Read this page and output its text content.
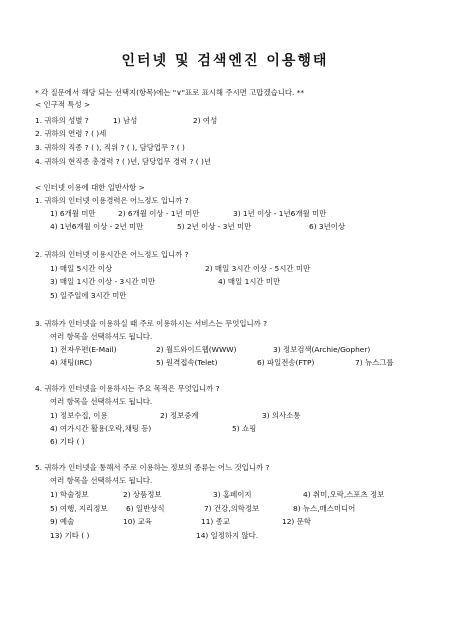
인터넷 및 검색엔진 이용행태
* 각 질문에서 해당 되는 선택지(항목)에는 "∨"표로 표시해 주시면 고맙겠습니다. **
< 인구적 특성 >
1. 귀하의 성별 ?	1) 남성	2) 여성
2. 귀하의 연령 ? ( )세
3. 귀하의 직종 ? ( ), 직위 ? ( ), 담당업무 ? ( )
4. 귀하의 현직종 총경력 ? ( )년, 담당업무 경력 ? ( )년
< 인터넷 이용에 대한 일반사항 >
1. 귀하의 인터넷 이용경력은 어느정도 입니까 ?
1) 6개월 미만	2) 6개월 이상 - 1년 미만	3) 1년 이상 - 1년6개월 미만
4) 1년6개월 이상 - 2년 미만	5) 2년 이상 - 3년 미만	6) 3년이상
2. 귀하의 인터넷 이용시간은 어느정도 입니까 ?
1) 매일 5시간 이상	2) 매일 3시간 이상 - 5시간 미만
3) 매일 1시간 이상 - 3시간 미만	4) 매일 1시간 미만
5) 일주일에 3시간 미만
3. 귀하가 인터넷을 이용하실 때 주로 이용하시는 서비스는 무엇입니까 ?
여러 항목을 선택하셔도 됩니다.
1) 전자우편(E-Mail)	2) 월드와이드웹(WWW)	3) 정보검색(Archie/Gopher)
4) 채팅(IRC)	5) 원격접속(Telet)	6) 파일전송(FTP)	7) 뉴스그룹
4. 귀하가 인터넷을 이용하시는 주요 목적은 무엇입니까 ?
여러 항목을 선택하셔도 됩니다.
1) 정보수집, 이용	2) 정보중계	3) 의사소통
4) 여가시간 활용(오락,채팅 등)	5) 쇼핑
6) 기타 ( )
5. 귀하가 인터넷을 통해서 주로 이용하는 정보의 종류는 어느 것입니까 ?
여러 항목을 선택하셔도 됩니다.
1) 학술정보	2) 상품정보	3) 홈페이지	4) 취미,오락,스포츠 정보
5) 여행, 지리정보	6) 일반상식	7) 건강,의학정보	8) 뉴스,매스미디어
9) 예술	10) 교육	11) 종교	12) 문학
13) 기타 ( )	14) 일정하지 않다.
